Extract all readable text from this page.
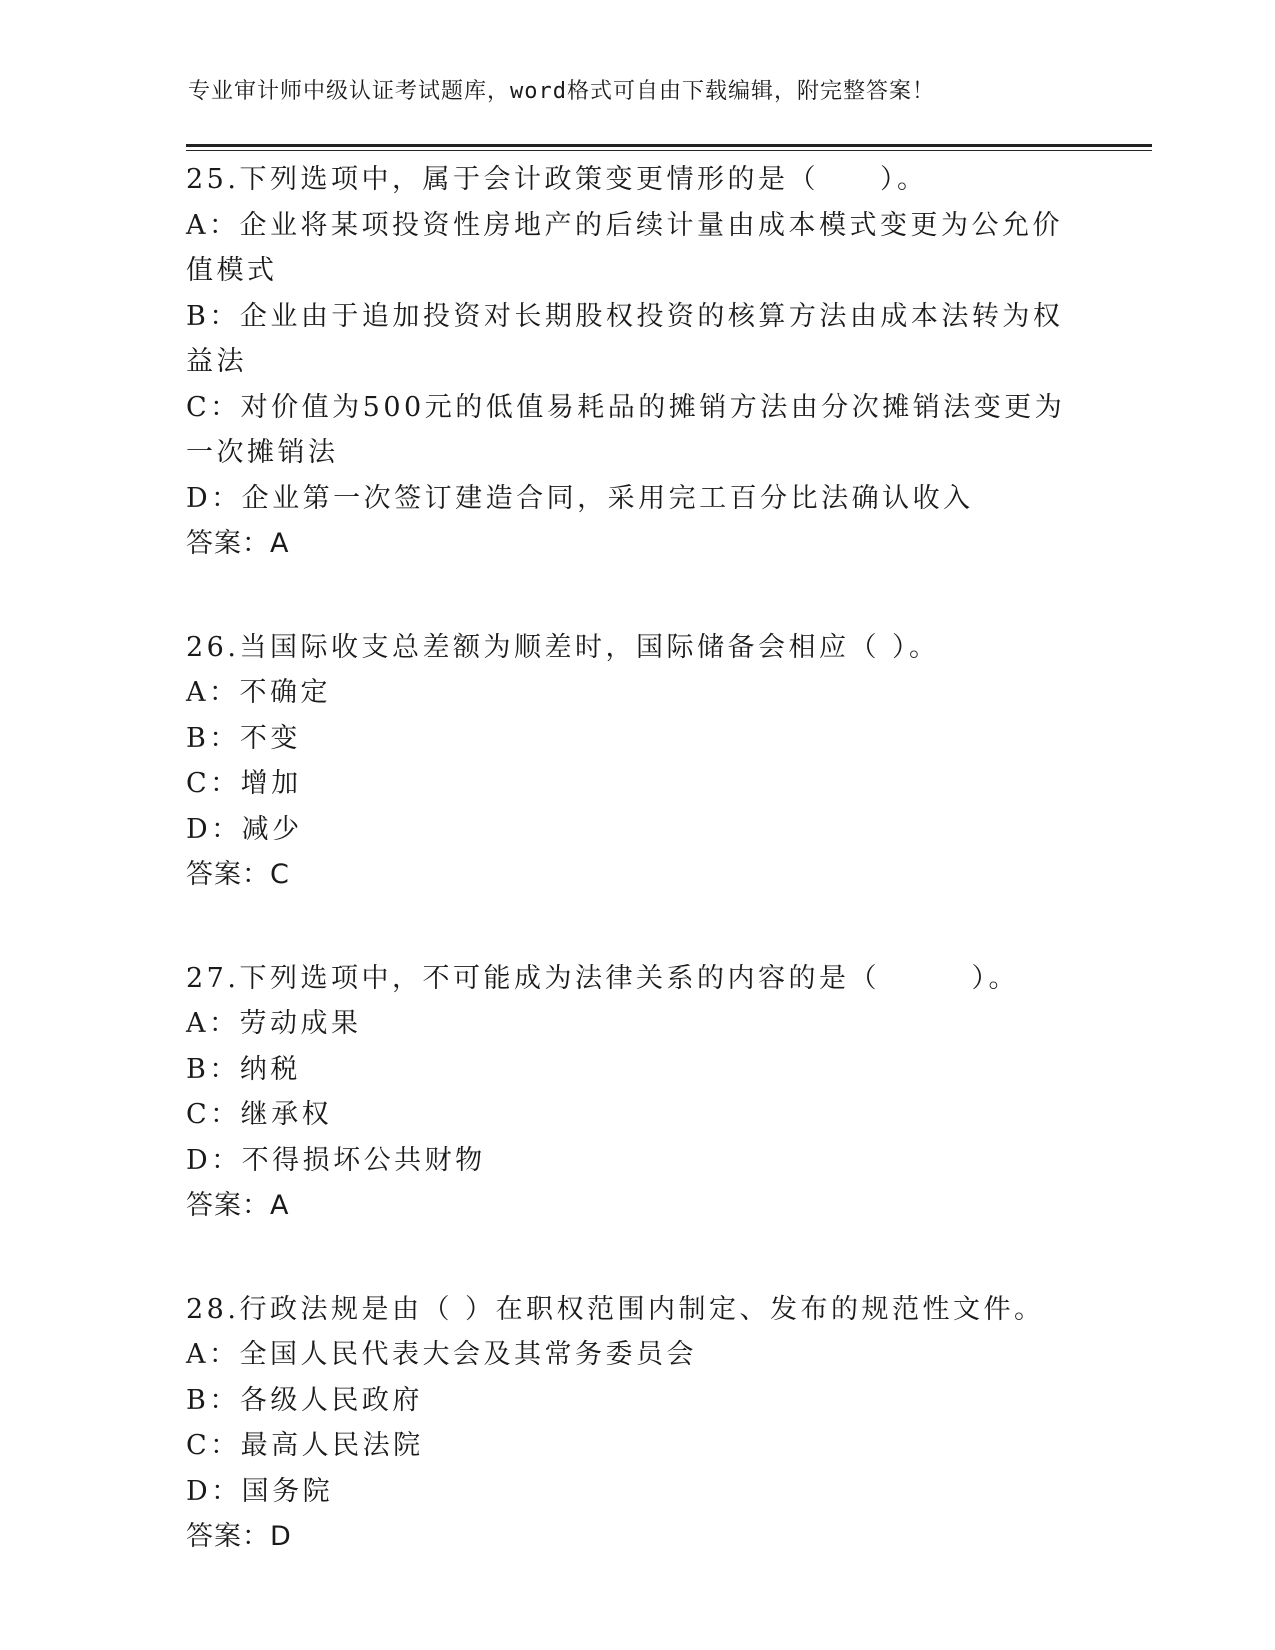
专业审计师中级认证考试题库，word格式可自由下载编辑，附完整答案！
25.下列选项中，属于会计政策变更情形的是（　　）。
A：企业将某项投资性房地产的后续计量由成本模式变更为公允价值模式
B：企业由于追加投资对长期股权投资的核算方法由成本法转为权益法
C：对价值为500元的低值易耗品的摊销方法由分次摊销法变更为一次摊销法
D：企业第一次签订建造合同，采用完工百分比法确认收入
答案：A
26.当国际收支总差额为顺差时，国际储备会相应（ ）。
A：不确定
B：不变
C：增加
D：减少
答案：C
27.下列选项中，不可能成为法律关系的内容的是（　　　）。
A：劳动成果
B：纳税
C：继承权
D：不得损坏公共财物
答案：A
28.行政法规是由（ ）在职权范围内制定、发布的规范性文件。
A：全国人民代表大会及其常务委员会
B：各级人民政府
C：最高人民法院
D：国务院
答案：D
